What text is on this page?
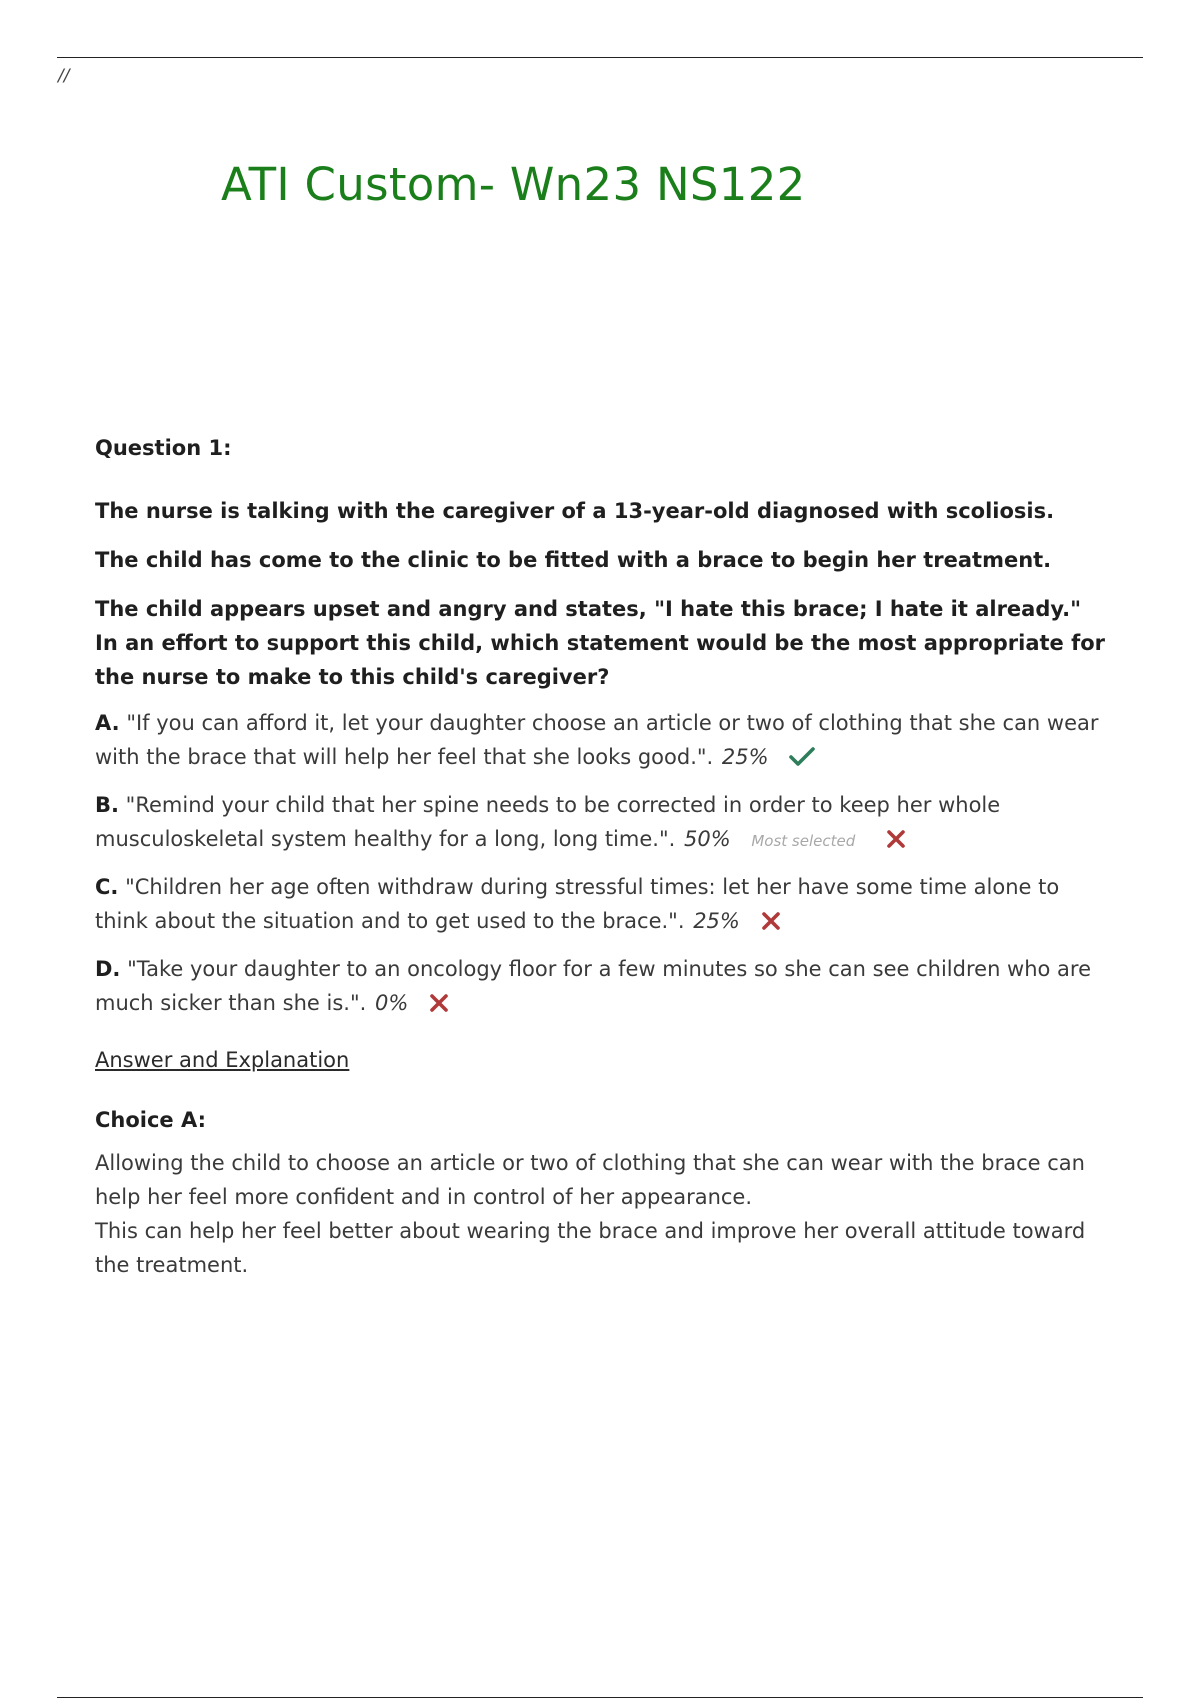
//
ATI Custom- Wn23 NS122

Question 1:

The nurse is talking with the caregiver of a 13-year-old diagnosed with scoliosis.

The child has come to the clinic to be fitted with a brace to begin her treatment.

The child appears upset and angry and states, "I hate this brace; I hate it already." In an effort to support this child, which statement would be the most appropriate for the nurse to make to this child's caregiver?

A. "If you can afford it, let your daughter choose an article or two of clothing that she can wear with the brace that will help her feel that she looks good.". 25%

B. "Remind your child that her spine needs to be corrected in order to keep her whole musculoskeletal system healthy for a long, long time.". 50% Most selected

C. "Children her age often withdraw during stressful times: let her have some time alone to think about the situation and to get used to the brace.". 25%

D. "Take your daughter to an oncology floor for a few minutes so she can see children who are much sicker than she is.". 0%

Answer and Explanation

Choice A:

Allowing the child to choose an article or two of clothing that she can wear with the brace can help her feel more confident and in control of her appearance.

This can help her feel better about wearing the brace and improve her overall attitude toward the treatment.
